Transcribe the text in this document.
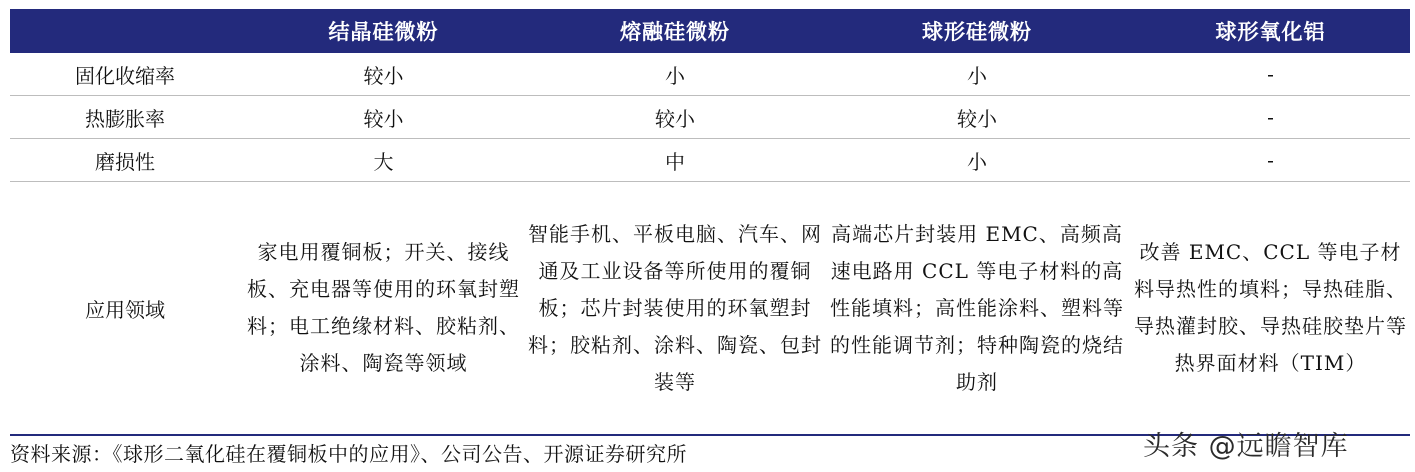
	结晶硅微粉	熔融硅微粉	球形硅微粉	球形氧化铝
固化收缩率	较小	小	小	-
热膨胀率	较小	较小	较小	-
磨损性	大	中	小	-
应用领域	家电用覆铜板；开关、接线板、充电器等使用的环氧封塑料；电工绝缘材料、胶粘剂、涂料、陶瓷等领域	智能手机、平板电脑、汽车、网通及工业设备等所使用的覆铜板；芯片封装使用的环氧塑封料；胶粘剂、涂料、陶瓷、包封装等	高端芯片封装用 EMC、高频高速电路用 CCL 等电子材料的高性能填料；高性能涂料、塑料等的性能调节剂；特种陶瓷的烧结助剂	改善 EMC、CCL 等电子材料导热性的填料；导热硅脂、导热灌封胶、导热硅胶垫片等热界面材料（TIM）
资料来源：《球形二氧化硅在覆铜板中的应用》、公司公告、开源证券研究所	头条 @远瞻智库
